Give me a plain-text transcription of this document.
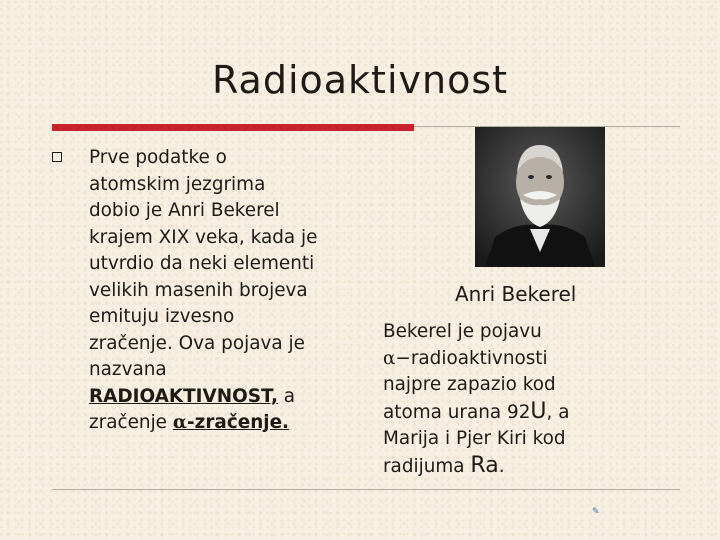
Radioaktivnost
Prve podatke o
atomskim jezgrima
dobio je Anri Bekerel
krajem XIX veka, kada je
utvrdio da neki elementi
velikih masenih brojeva
emituju izvesno
zračenje. Ova pojava je
nazvana
RADIOAKTIVNOST, a
zračenje α-zračenje.
Anri Bekerel
Bekerel je pojavu
α−radioaktivnosti
najpre zapazio kod
atoma urana 92U, a
Marija i Pjer Kiri kod
radijuma Ra.
✎
